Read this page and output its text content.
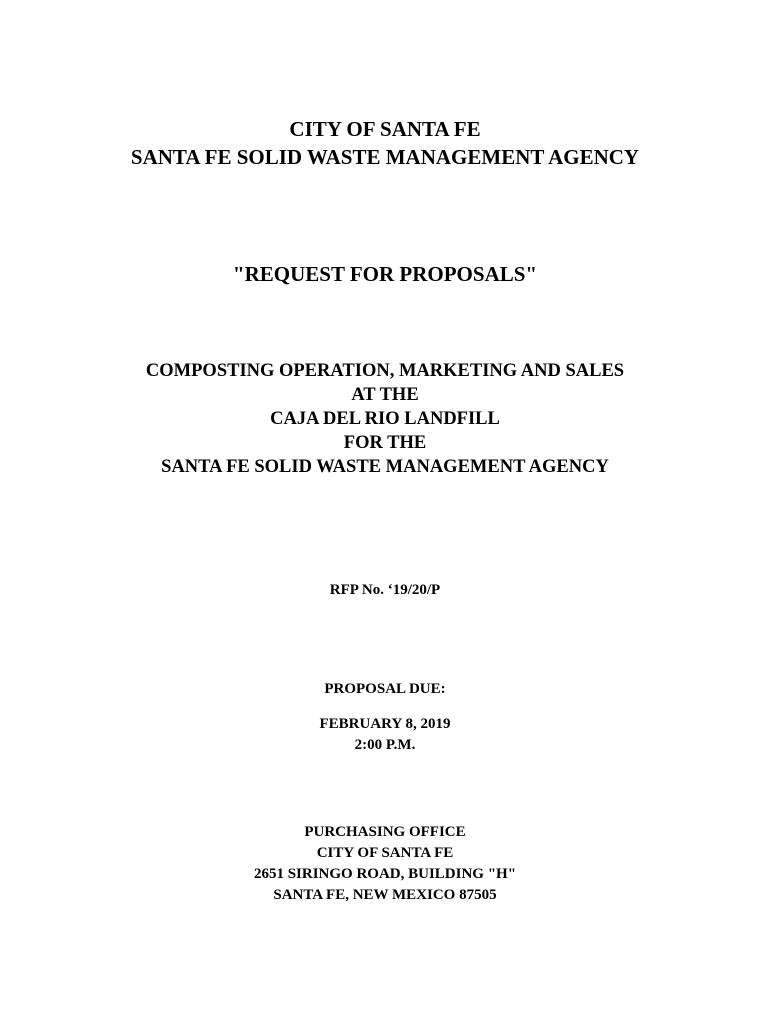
CITY OF SANTA FE
SANTA FE SOLID WASTE MANAGEMENT AGENCY
"REQUEST FOR PROPOSALS"
COMPOSTING OPERATION, MARKETING AND SALES
AT THE
CAJA DEL RIO LANDFILL
FOR THE
SANTA FE SOLID WASTE MANAGEMENT AGENCY
RFP No. ‘19/20/P
PROPOSAL DUE:
FEBRUARY 8, 2019
2:00 P.M.
PURCHASING OFFICE
CITY OF SANTA FE
2651 SIRINGO ROAD, BUILDING "H"
SANTA FE, NEW MEXICO 87505
